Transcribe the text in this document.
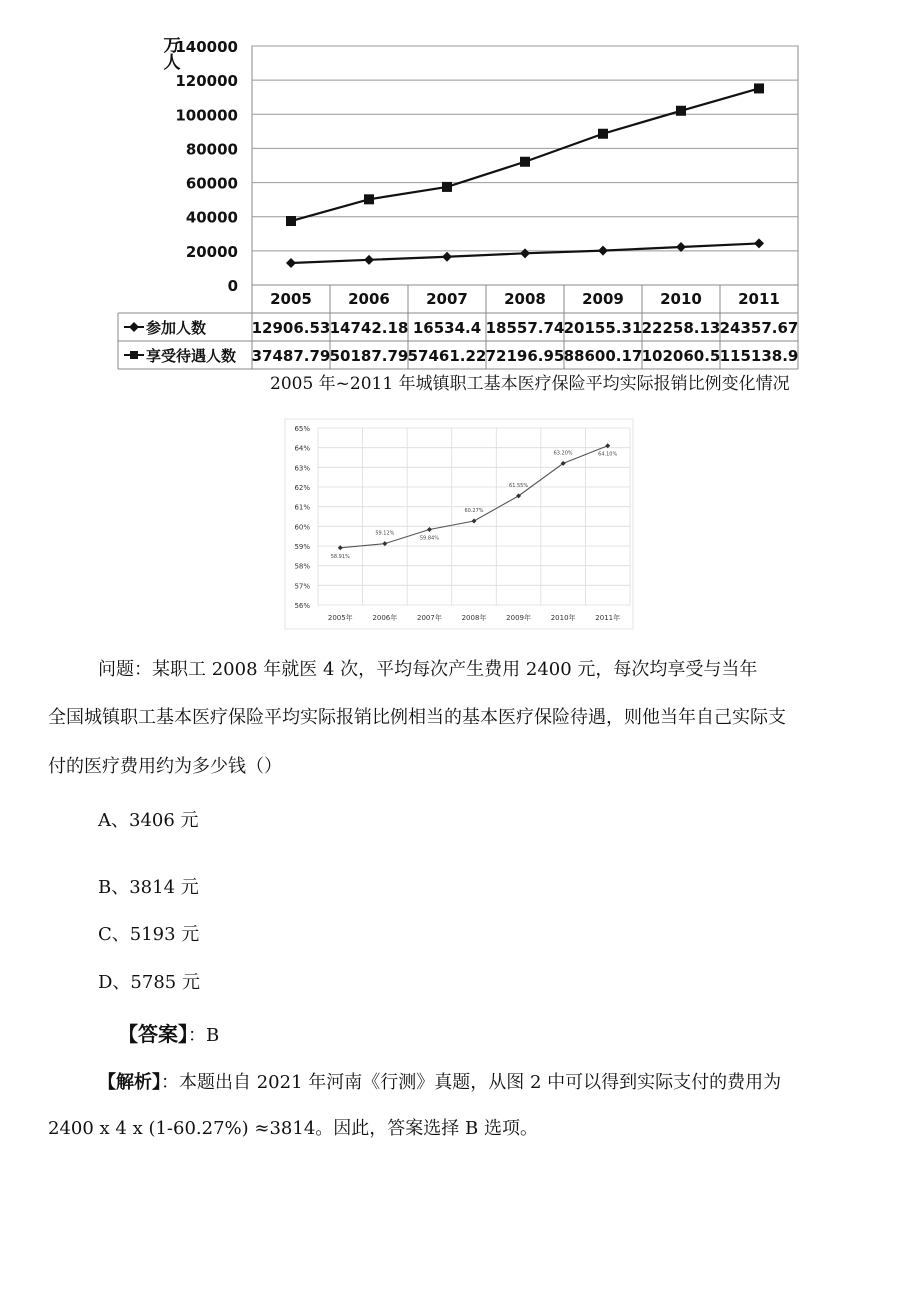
0
20000
40000
60000
80000
100000
120000
140000
万
人
2005 2006 2007 2008 2009 2010 2011
参加人数	12906.53 14742.18 16534.4 18557.74 20155.31 22258.13 24357.67
享受待遇人数 37487.79 50187.79 57461.22 72196.95 88600.17 102060.5 115138.9
2005 年~2011 年城镇职工基本医疗保险平均实际报销比例变化情况
56%
57%
58%
59%
60%
61%
62%
63%
64%
65%
2005年	2006年	2007年	2008年	2009年	2010年	2011年
58.91%
59.12%
59.84%
60.27%
61.55%
63.20%	64.10%
问题：某职工 2008 年就医 4 次，平均每次产生费用 2400 元，每次均享受与当年
全国城镇职工基本医疗保险平均实际报销比例相当的基本医疗保险待遇，则他当年自己实际支
付的医疗费用约为多少钱（）
A、3406 元
B、3814 元
C、5193 元
D、5785 元
【答案】：B
【解析】：本题出自 2021 年河南《行测》真题，从图 2 中可以得到实际支付的费用为
2400 x 4 x (1-60.27%) ≈3814。因此，答案选择 B 选项。
